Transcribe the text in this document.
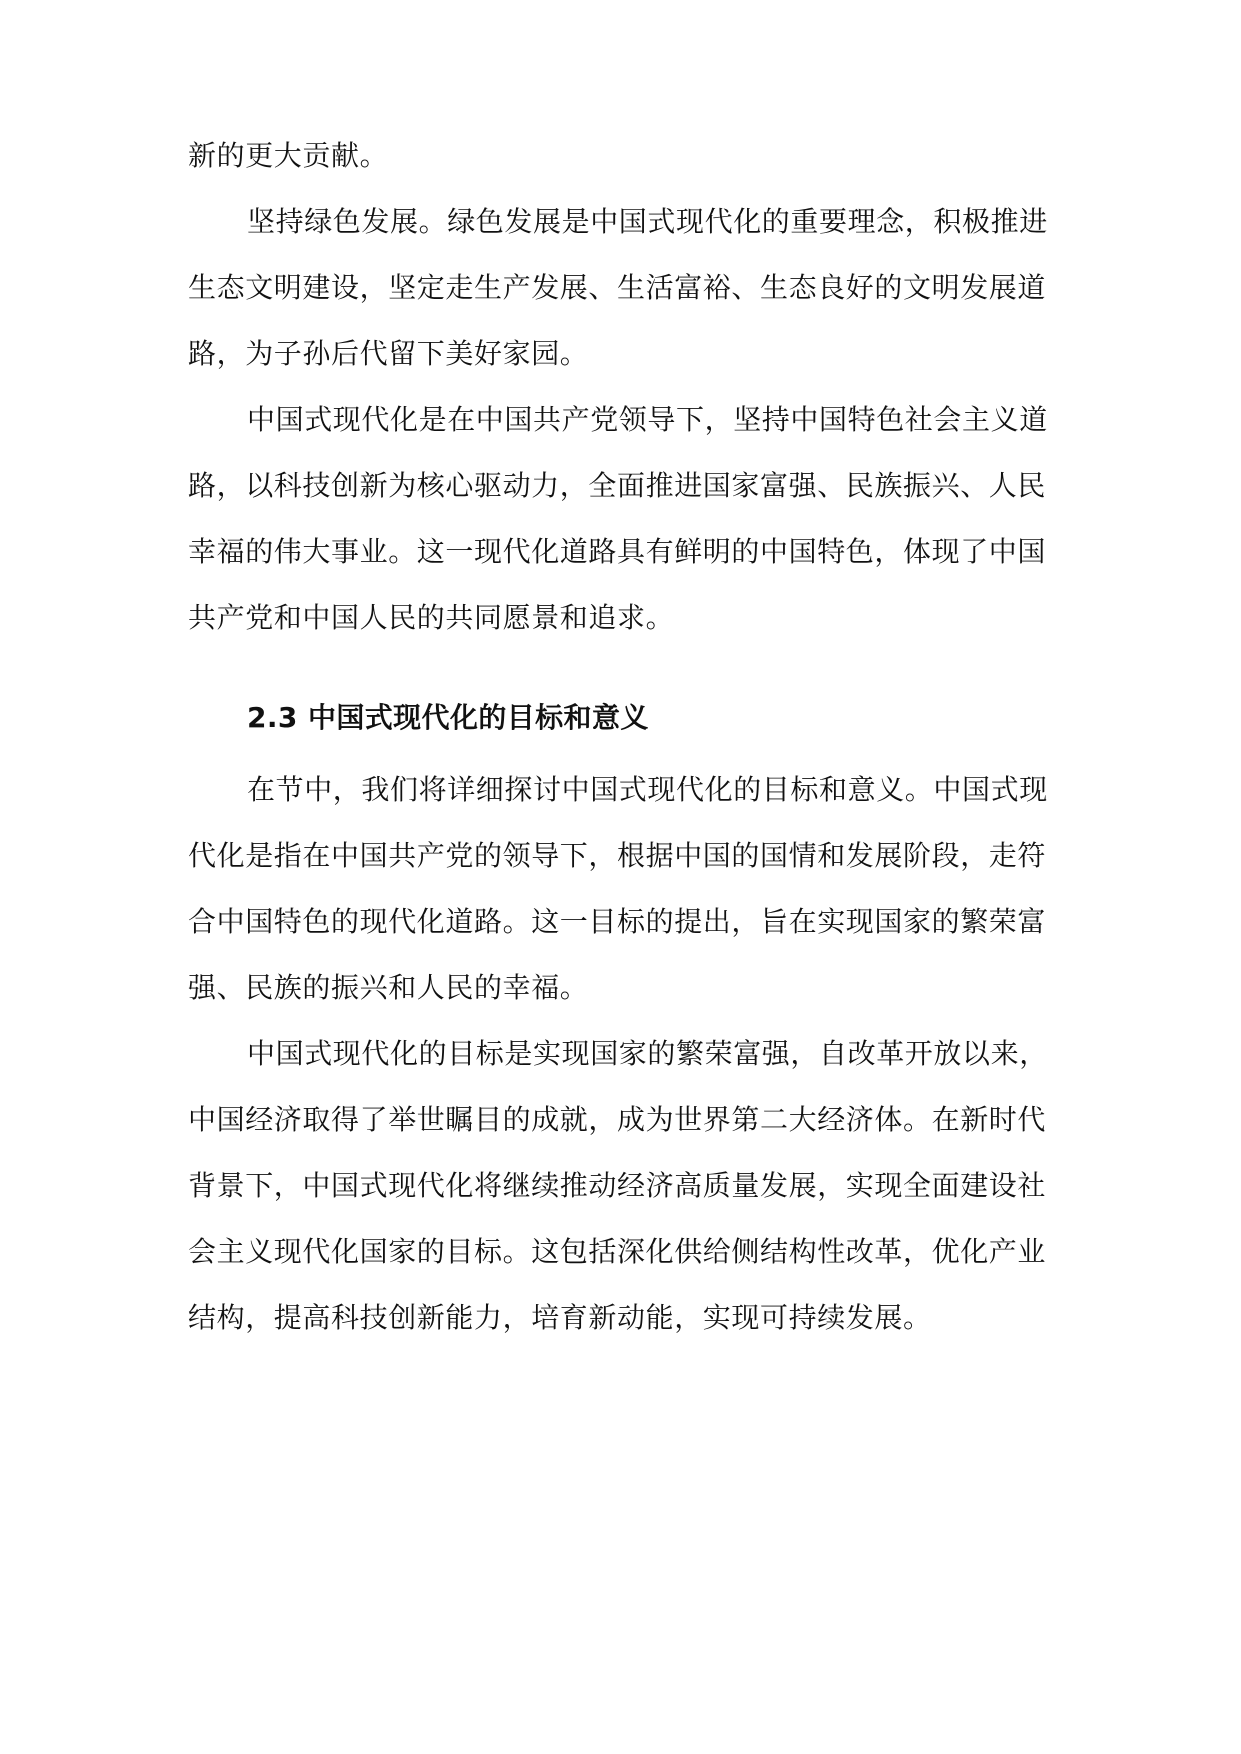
新的更大贡献。
坚持绿色发展。绿色发展是中国式现代化的重要理念，积极推进
生态文明建设，坚定走生产发展、生活富裕、生态良好的文明发展道
路，为子孙后代留下美好家园。
中国式现代化是在中国共产党领导下，坚持中国特色社会主义道
路，以科技创新为核心驱动力，全面推进国家富强、民族振兴、人民
幸福的伟大事业。这一现代化道路具有鲜明的中国特色，体现了中国
共产党和中国人民的共同愿景和追求。
2.3 中国式现代化的目标和意义
在节中，我们将详细探讨中国式现代化的目标和意义。中国式现
代化是指在中国共产党的领导下，根据中国的国情和发展阶段，走符
合中国特色的现代化道路。这一目标的提出，旨在实现国家的繁荣富
强、民族的振兴和人民的幸福。
中国式现代化的目标是实现国家的繁荣富强，自改革开放以来，
中国经济取得了举世瞩目的成就，成为世界第二大经济体。在新时代
背景下，中国式现代化将继续推动经济高质量发展，实现全面建设社
会主义现代化国家的目标。这包括深化供给侧结构性改革，优化产业
结构，提高科技创新能力，培育新动能，实现可持续发展。
